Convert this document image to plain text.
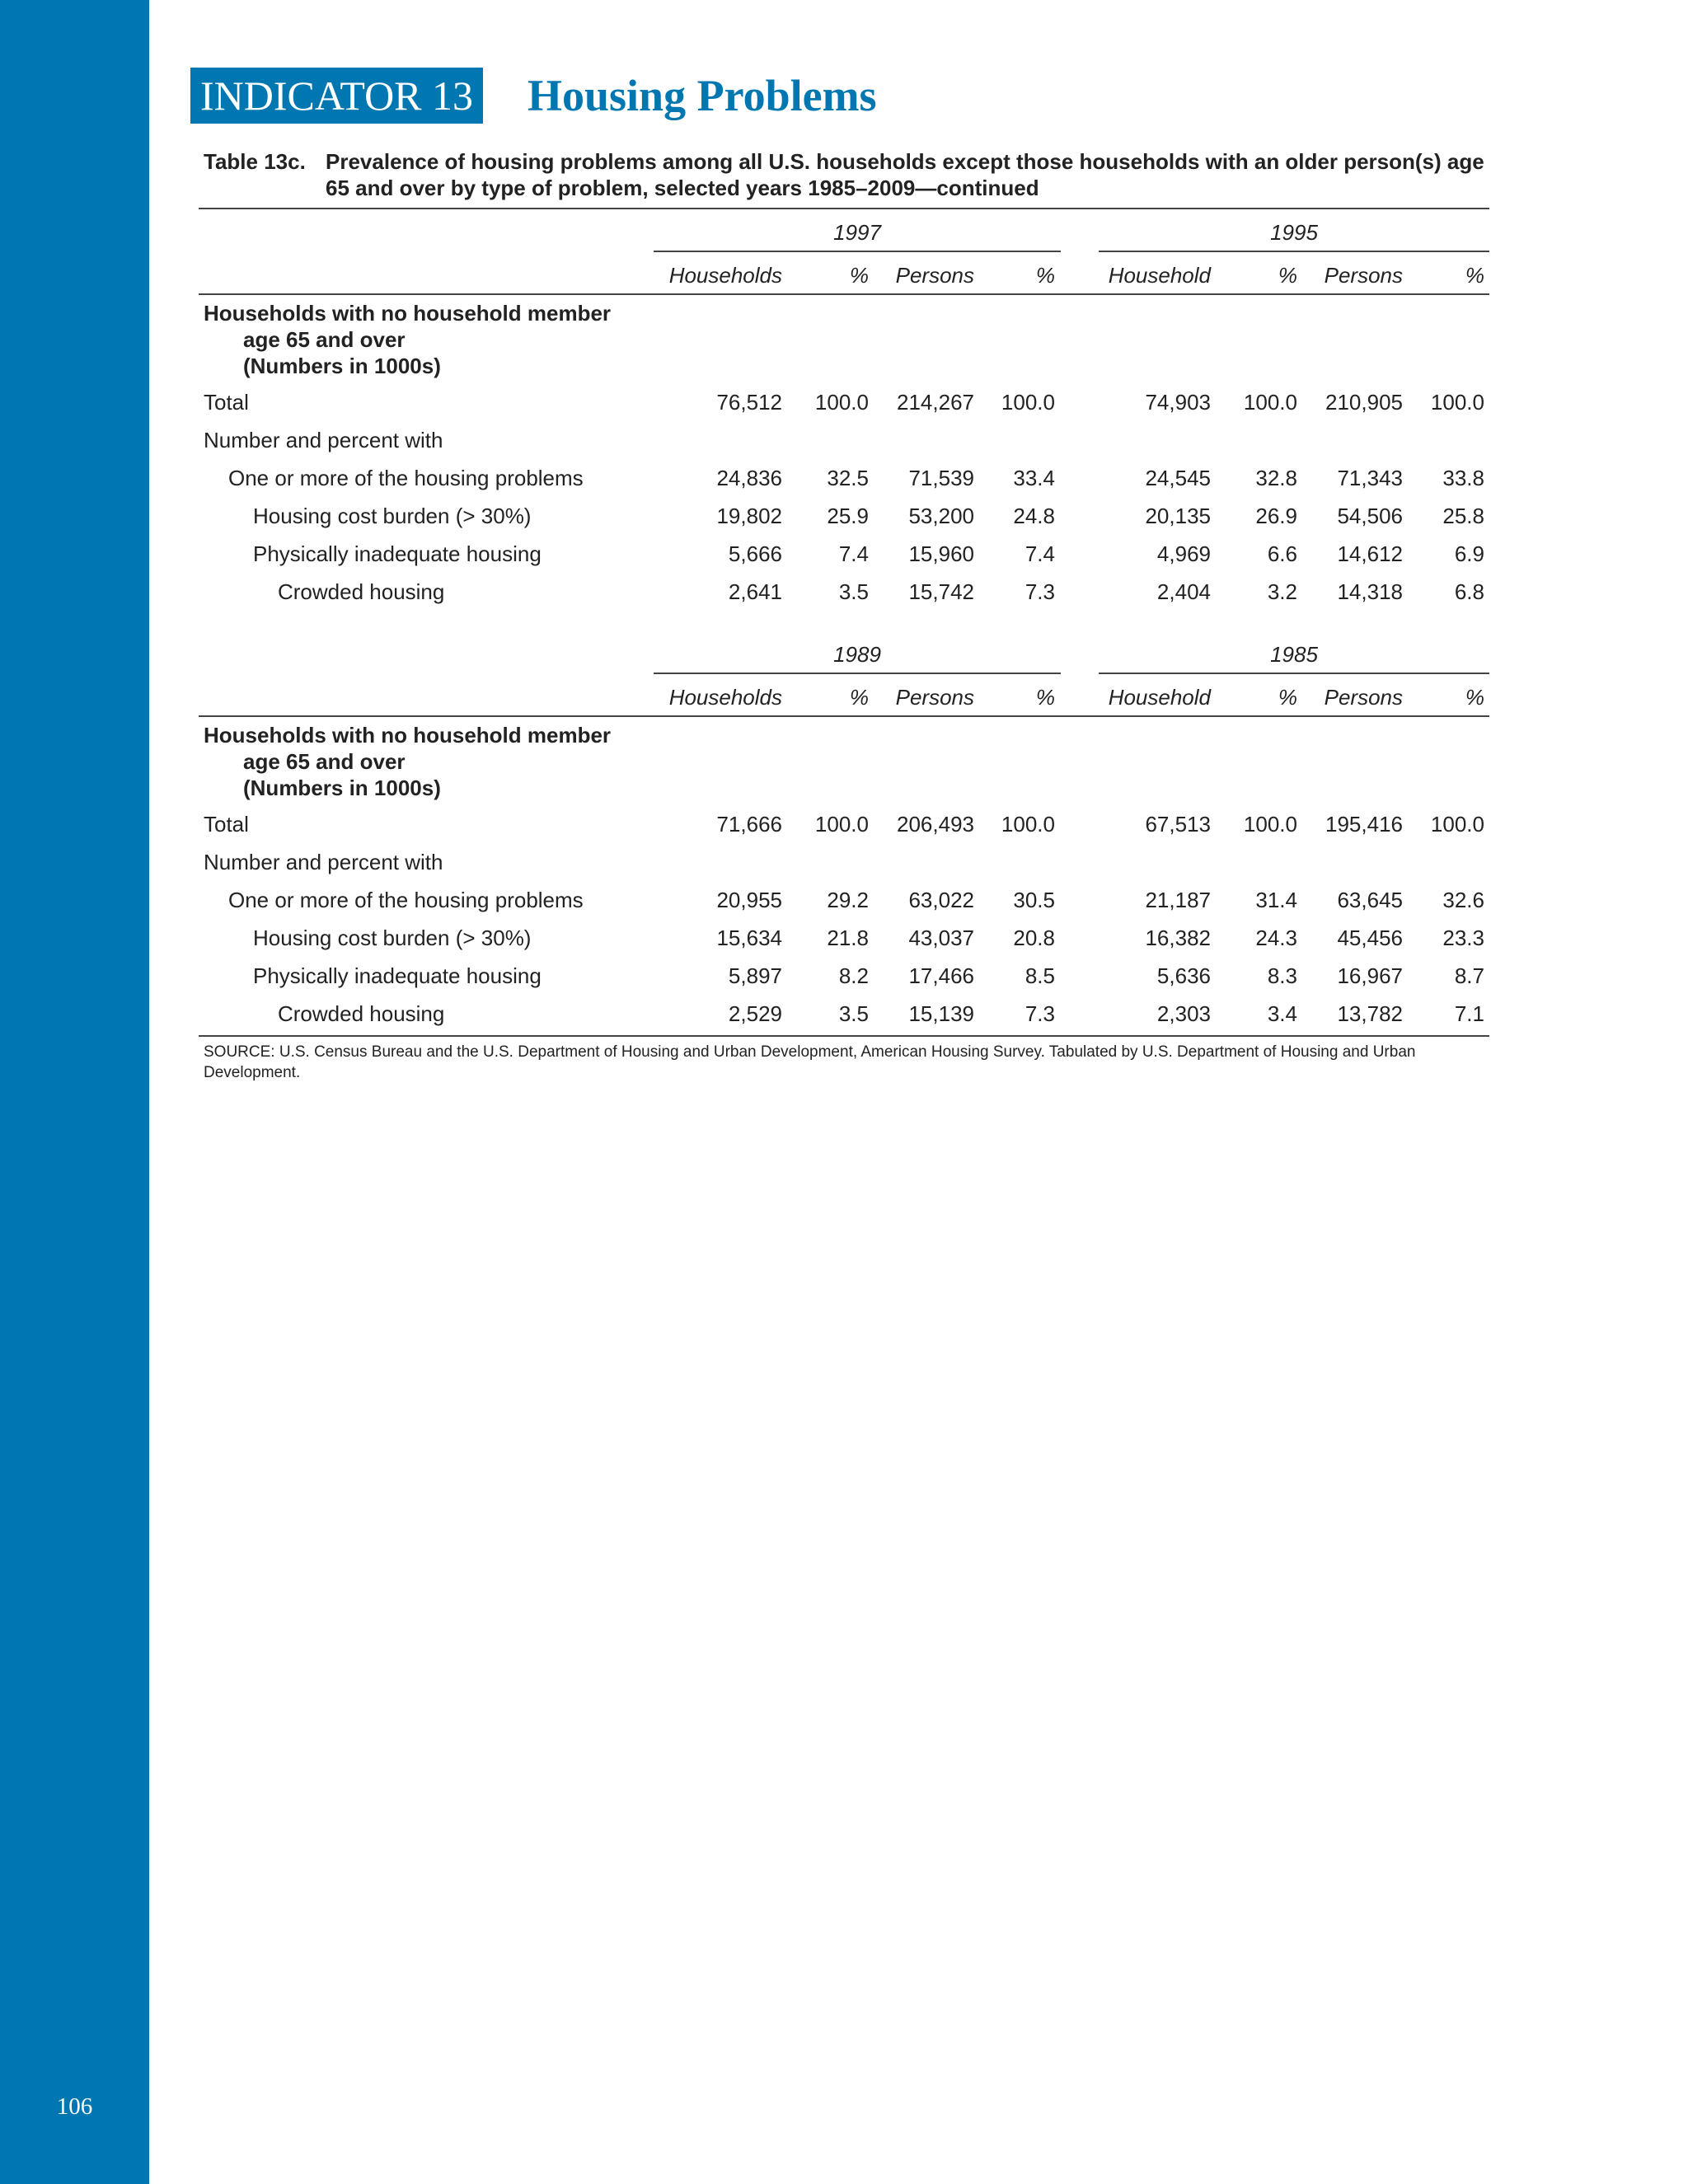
106
INDICATOR 13 Housing Problems
Table 13c. Prevalence of housing problems among all U.S. households except those households with an older person(s) age 65 and over by type of problem, selected years 1985–2009—continued
1997	1995
Households	%	Persons	%	Household	%	Persons	%
Households with no household member
age 65 and over
(Numbers in 1000s)
Total	76,512	100.0	214,267	100.0	74,903	100.0	210,905	100.0
Number and percent with
One or more of the housing problems	24,836	32.5	71,539	33.4	24,545	32.8	71,343	33.8
Housing cost burden (> 30%)	19,802	25.9	53,200	24.8	20,135	26.9	54,506	25.8
Physically inadequate housing	5,666	7.4	15,960	7.4	4,969	6.6	14,612	6.9
Crowded housing	2,641	3.5	15,742	7.3	2,404	3.2	14,318	6.8
1989	1985
Households	%	Persons	%	Household	%	Persons	%
Households with no household member
age 65 and over
(Numbers in 1000s)
Total	71,666	100.0	206,493	100.0	67,513	100.0	195,416	100.0
Number and percent with
One or more of the housing problems	20,955	29.2	63,022	30.5	21,187	31.4	63,645	32.6
Housing cost burden (> 30%)	15,634	21.8	43,037	20.8	16,382	24.3	45,456	23.3
Physically inadequate housing	5,897	8.2	17,466	8.5	5,636	8.3	16,967	8.7
Crowded housing	2,529	3.5	15,139	7.3	2,303	3.4	13,782	7.1
SOURCE: U.S. Census Bureau and the U.S. Department of Housing and Urban Development, American Housing Survey. Tabulated by U.S. Department of Housing and Urban Development.
